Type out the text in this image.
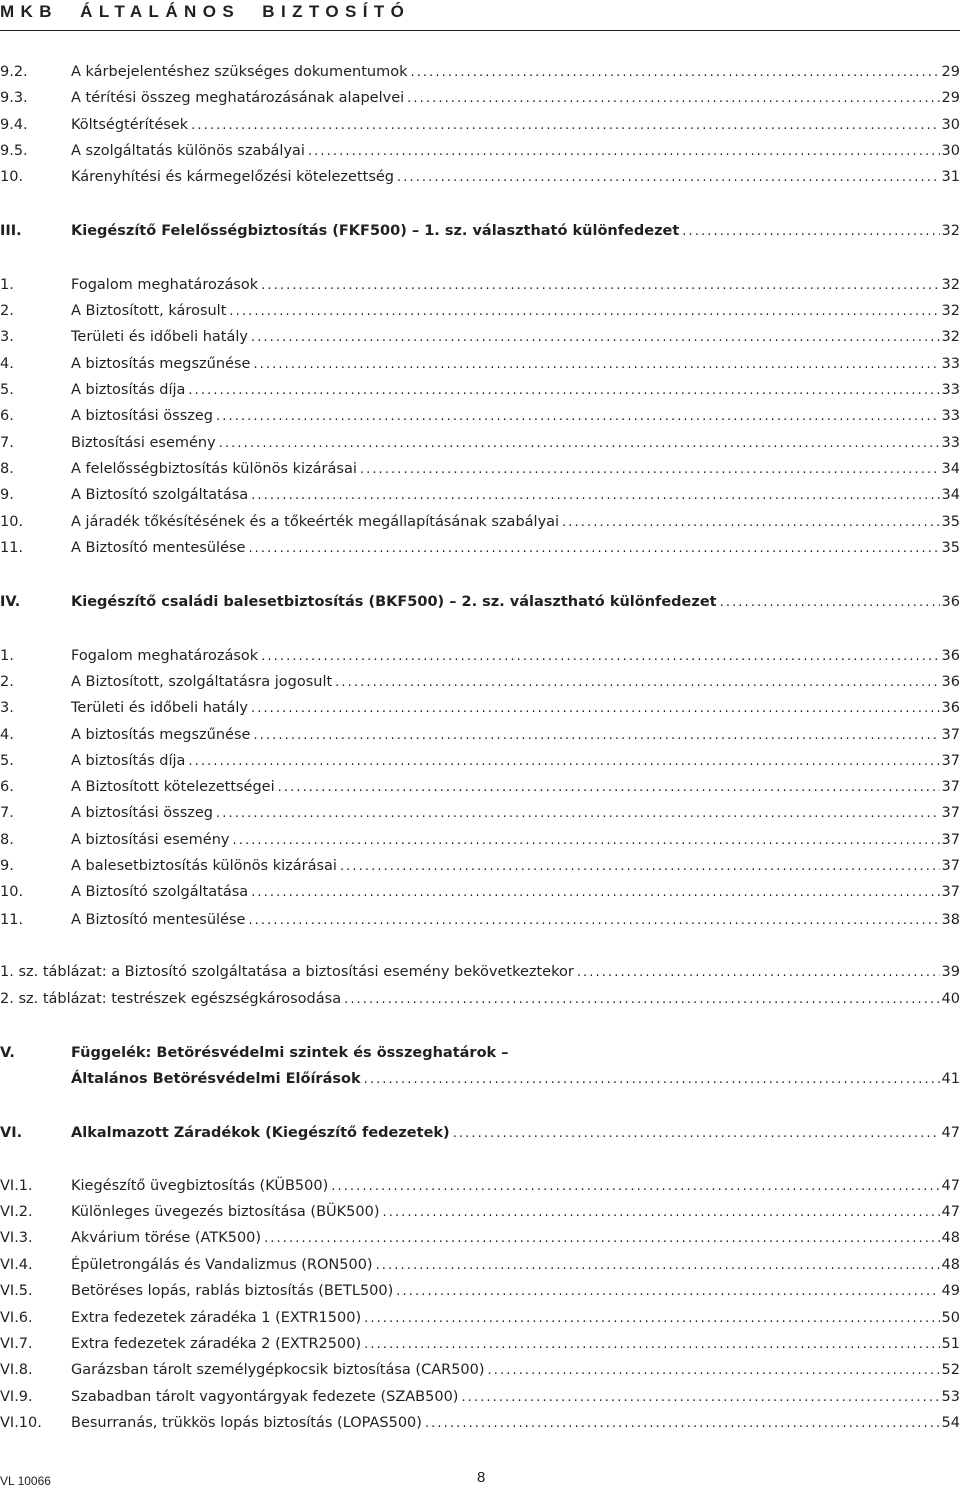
MKB  ÁLTALÁNOS  BIZTOSÍTÓ
9.2.	A kárbejelentéshez szükséges dokumentumok .....	29
9.3.	A térítési összeg meghatározásának alapelvei .....	29
9.4.	Költségtérítések .....	30
9.5.	A szolgáltatás különös szabályai .....	30
10.	Kárenyhítési és kármegelőzési kötelezettség .....	31
III.	Kiegészítő Felelősségbiztosítás (FKF500) – 1. sz. választható különfedezet .....	32
1.	Fogalom meghatározások .....	32
2.	A Biztosított, károsult .....	32
3.	Területi és időbeli hatály .....	32
4.	A biztosítás megszűnése .....	33
5.	A biztosítás díja .....	33
6.	A biztosítási összeg .....	33
7.	Biztosítási esemény .....	33
8.	A felelősségbiztosítás különös kizárásai .....	34
9.	A Biztosító szolgáltatása .....	34
10.	A járadék tőkésítésének és a tőkeérték megállapításának szabályai .....	35
11.	A Biztosító mentesülése .....	35
IV.	Kiegészítő családi balesetbiztosítás (BKF500) – 2. sz. választható különfedezet .....	36
1.	Fogalom meghatározások .....	36
2.	A Biztosított, szolgáltatásra jogosult .....	36
3.	Területi és időbeli hatály .....	36
4.	A biztosítás megszűnése .....	37
5.	A biztosítás díja .....	37
6.	A Biztosított kötelezettségei .....	37
7.	A biztosítási összeg .....	37
8.	A biztosítási esemény .....	37
9.	A balesetbiztosítás különös kizárásai .....	37
10.	A Biztosító szolgáltatása .....	37
11.	A Biztosító mentesülése .....	38
1. sz. táblázat: a Biztosító szolgáltatása a biztosítási esemény bekövetkeztekor .....	39
2. sz. táblázat: testrészek egészségkárosodása .....	40
V.	Függelék: Betörésvédelmi szintek és összeghatárok –
Általános Betörésvédelmi Előírások .....	41
VI.	Alkalmazott Záradékok (Kiegészítő fedezetek) .....	47
VI.1.	Kiegészítő üvegbiztosítás (KÜB500) .....	47
VI.2.	Különleges üvegezés biztosítása (BÜK500) .....	47
VI.3.	Akvárium törése (ATK500) .....	48
VI.4.	Épületrongálás és Vandalizmus (RON500) .....	48
VI.5.	Betöréses lopás, rablás biztosítás (BETL500) .....	49
VI.6.	Extra fedezetek záradéka 1 (EXTR1500) .....	50
VI.7.	Extra fedezetek záradéka 2 (EXTR2500) .....	51
VI.8.	Garázsban tárolt személygépkocsik biztosítása (CAR500) .....	52
VI.9.	Szabadban tárolt vagyontárgyak fedezete (SZAB500) .....	53
VI.10. Besurranás, trükkös lopás biztosítás (LOPAS500) .....	54
VL 10066	8
